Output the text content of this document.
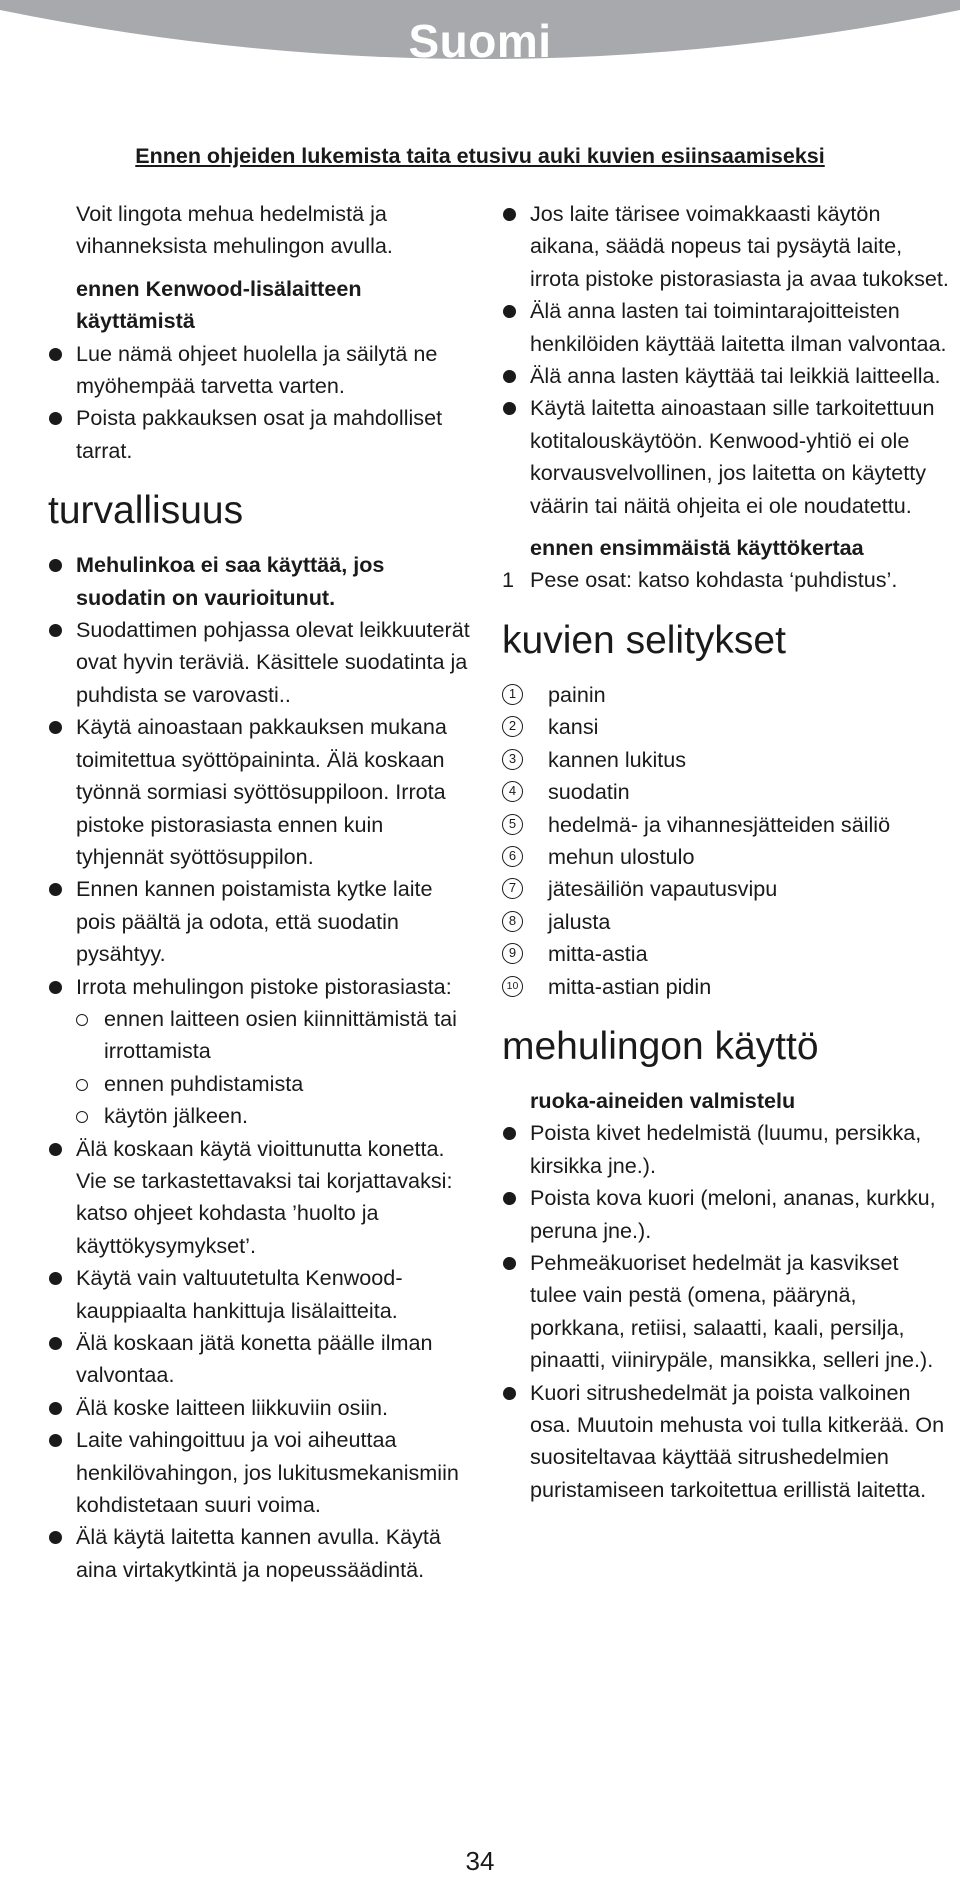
Suomi
Ennen ohjeiden lukemista taita etusivu auki kuvien esiinsaamiseksi

Voit lingota mehua hedelmistä ja vihanneksista mehulingon avulla.

ennen Kenwood-lisälaitteen käyttämistä

Lue nämä ohjeet huolella ja säilytä ne myöhempää tarvetta varten.
Poista pakkauksen osat ja mahdolliset tarrat.
turvallisuus
Mehulinkoa ei saa käyttää, jos suodatin on vaurioitunut.
Suodattimen pohjassa olevat leikkuuterät ovat hyvin teräviä. Käsittele suodatinta ja puhdista se varovasti..
Käytä ainoastaan pakkauksen mukana toimitettua syöttöpaininta. Älä koskaan työnnä sormiasi syöttösuppiloon. Irrota pistoke pistorasiasta ennen kuin tyhjennät syöttösuppilon.
Ennen kannen poistamista kytke laite pois päältä ja odota, että suodatin pysähtyy.
Irrota mehulingon pistoke pistorasiasta:
ennen laitteen osien kiinnittämistä tai irrottamista
ennen puhdistamista
käytön jälkeen.
Älä koskaan käytä vioittunutta konetta. Vie se tarkastettavaksi tai korjattavaksi: katso ohjeet kohdasta ’huolto ja käyttökysymykset’.
Käytä vain valtuutetulta Kenwood-kauppiaalta hankittuja lisälaitteita.
Älä koskaan jätä konetta päälle ilman valvontaa.
Älä koske laitteen liikkuviin osiin.
Laite vahingoittuu ja voi aiheuttaa henkilövahingon, jos lukitusmekanismiin kohdistetaan suuri voima.
Älä käytä laitetta kannen avulla. Käytä aina virtakytkintä ja nopeussäädintä.
Jos laite tärisee voimakkaasti käytön aikana, säädä nopeus tai pysäytä laite, irrota pistoke pistorasiasta ja avaa tukokset.
Älä anna lasten tai toimintarajoitteisten henkilöiden käyttää laitetta ilman valvontaa.
Älä anna lasten käyttää tai leikkiä laitteella.
Käytä laitetta ainoastaan sille tarkoitettuun kotitalouskäytöön. Kenwood-yhtiö ei ole korvausvelvollinen, jos laitetta on käytetty väärin tai näitä ohjeita ei ole noudatettu.

ennen ensimmäistä käyttökertaa

1 Pese osat: katso kohdasta ‘puhdistus’.
kuvien selitykset
1	painin
2	kansi
3	kannen lukitus
4	suodatin
5	hedelmä- ja vihannesjätteiden säiliö
6	mehun ulostulo
7	jätesäiliön vapautusvipu
8	jalusta
9	mitta-astia
10 mitta-astian pidin
mehulingon käyttö

ruoka-aineiden valmistelu

Poista kivet hedelmistä (luumu, persikka, kirsikka jne.).
Poista kova kuori (meloni, ananas, kurkku, peruna jne.).
Pehmeäkuoriset hedelmät ja kasvikset tulee vain pestä (omena, päärynä, porkkana, retiisi, salaatti, kaali, persilja, pinaatti, viinirypäle, mansikka, selleri jne.).
Kuori sitrushedelmät ja poista valkoinen osa. Muutoin mehusta voi tulla kitkerää. On suositeltavaa käyttää sitrushedelmien puristamiseen tarkoitettua erillistä laitetta.
34
